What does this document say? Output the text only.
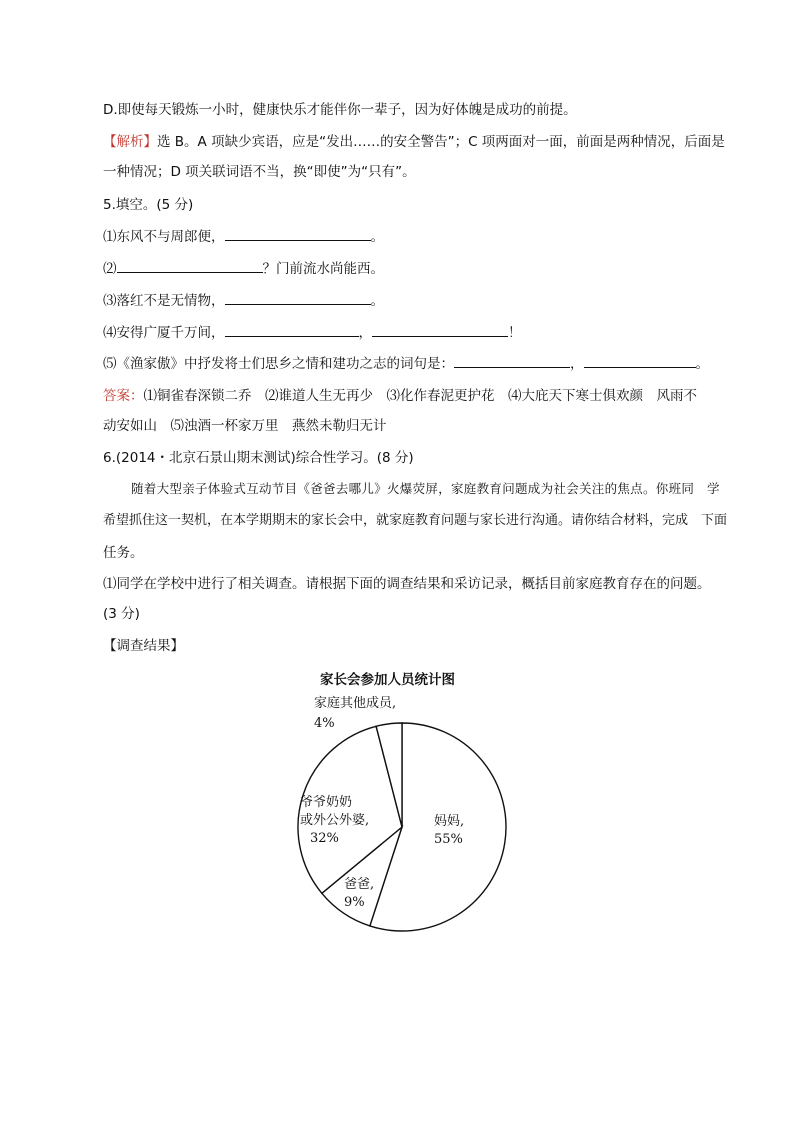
D.即使每天锻炼一小时，健康快乐才能伴你一辈子，因为好体魄是成功的前提。
【解析】选 B。A 项缺少宾语，应是“发出……的安全警告”；C 项两面对一面，前面是两种情况，后面是
一种情况；D 项关联词语不当，换“即使”为“只有”。
5.填空。(5 分)
⑴东风不与周郎便，	。
⑵	？门前流水尚能西。
⑶落红不是无情物，	。
⑷安得广厦千万间，	，	！
⑸《渔家傲》中抒发将士们思乡之情和建功之志的词句是：	，	。
答案：⑴铜雀春深锁二乔　⑵谁道人生无再少　⑶化作春泥更护花　⑷大庇天下寒士俱欢颜　风雨不
动安如山　⑸浊酒一杯家万里　燕然未勒归无计
6.(2014・北京石景山期末测试)综合性学习。(8 分)
随着大型亲子体验式互动节目《爸爸去哪儿》火爆荧屏，家庭教育问题成为社会关注的焦点。你班同　学
希望抓住这一契机，在本学期期末的家长会中，就家庭教育问题与家长进行沟通。请你结合材料，完成　下面
任务。
⑴同学在学校中进行了相关调查。请根据下面的调查结果和采访记录，概括目前家庭教育存在的问题。
(3 分)
【调查结果】
家长会参加人员统计图
妈妈,
55%
爸爸,
9%
爷爷奶奶
或外公外婆,
32%
家庭其他成员,
4%
